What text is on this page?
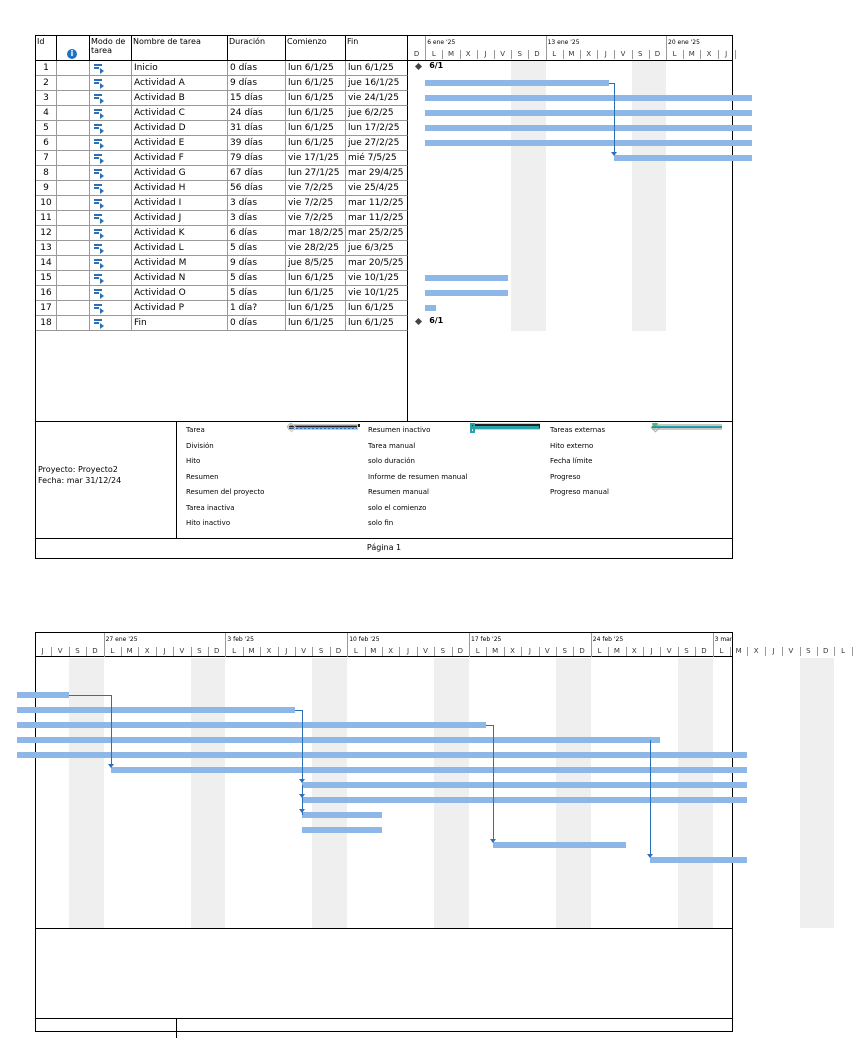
Id
i
Modo de tarea
Nombre de tarea	Duración	Comienzo	Fin
D	L	M	X	J	V	S	D	L	M	X	J	V	S	D	L	M	X	J
6 ene '25	13 ene '25	20 ene '25
1	Inicio	0 días	lun 6/1/25	lun 6/1/25
2	Actividad A	9 días	lun 6/1/25	jue 16/1/25
3	Actividad B	15 días	lun 6/1/25	vie 24/1/25
4	Actividad C	24 días	lun 6/1/25	jue 6/2/25
5	Actividad D	31 días	lun 6/1/25	lun 17/2/25
6	Actividad E	39 días	lun 6/1/25	jue 27/2/25
7	Actividad F	79 días	vie 17/1/25	mié 7/5/25
8	Actividad G	67 días	lun 27/1/25 mar 29/4/25
9	Actividad H	56 días	vie 7/2/25	vie 25/4/25
10	Actividad I	3 días	vie 7/2/25	mar 11/2/25
11	Actividad J	3 días	vie 7/2/25	mar 11/2/25
12	Actividad K	6 días	mar 18/2/25 mar 25/2/25
13	Actividad L	5 días	vie 28/2/25	jue 6/3/25
14	Actividad M	9 días	jue 8/5/25	mar 20/5/25
15	Actividad N	5 días	lun 6/1/25	vie 10/1/25
16	Actividad O	5 días	lun 6/1/25	vie 10/1/25
17	Actividad P	1 día?	lun 6/1/25	lun 6/1/25
18	Fin	0 días	lun 6/1/25	lun 6/1/25
6/1
6/1
Proyecto: Proyecto2
Fecha: mar 31/12/24
Tarea
División
Hito
Resumen
Resumen del proyecto
Tarea inactiva
Hito inactivo
Resumen inactivo
Tarea manual
solo duración
Informe de resumen manual
Resumen manual
solo el comienzo
solo fin
Tareas externas
Hito externo
Fecha límite
Progreso
Progreso manual
Página 1
J	V	S	D	L	M	X	J	V	S	D	L	M	X	J	V	S	D	L	M	X	J	V	S	D	L	M	X	J	V	S	D	L	M	X	J	V	S	D	L	M	X	J	V	S	D	L
27 ene '25	3 feb '25	10 feb '25	17 feb '25	24 feb '25	3 mar
